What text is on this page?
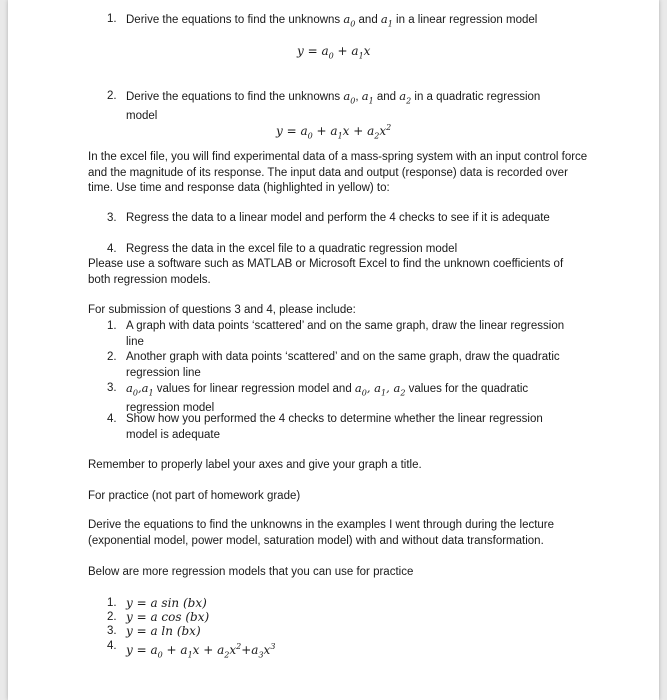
1. Derive the equations to find the unknowns $a_0$ and $a_1$ in a linear regression model
$y = a_0 + a_1x$
2. Derive the equations to find the unknowns $a_0$, $a_1$ and $a_2$ in a quadratic regression model
$y = a_0 + a_1x + a_2x^2$
In the excel file, you will find experimental data of a mass-spring system with an input control force and the magnitude of its response. The input data and output (response) data is recorded over time. Use time and response data (highlighted in yellow) to:
3. Regress the data to a linear model and perform the 4 checks to see if it is adequate
4. Regress the data in the excel file to a quadratic regression model
Please use a software such as MATLAB or Microsoft Excel to find the unknown coefficients of both regression models.
For submission of questions 3 and 4, please include:
1. A graph with data points ‘scattered’ and on the same graph, draw the linear regression line
2. Another graph with data points ‘scattered’ and on the same graph, draw the quadratic regression line
3. $a_0,a_1$ values for linear regression model and $a_0$, $a_1$, $a_2$ values for the quadratic regression model
4. Show how you performed the 4 checks to determine whether the linear regression model is adequate
Remember to properly label your axes and give your graph a title.
For practice (not part of homework grade)
Derive the equations to find the unknowns in the examples I went through during the lecture (exponential model, power model, saturation model) with and without data transformation.
Below are more regression models that you can use for practice
1. y = a sin (bx)
2. y = a cos (bx)
3. y = a ln (bx)
4. $y = a_0 + a_1x + a_2x^2+a_3x^3$
